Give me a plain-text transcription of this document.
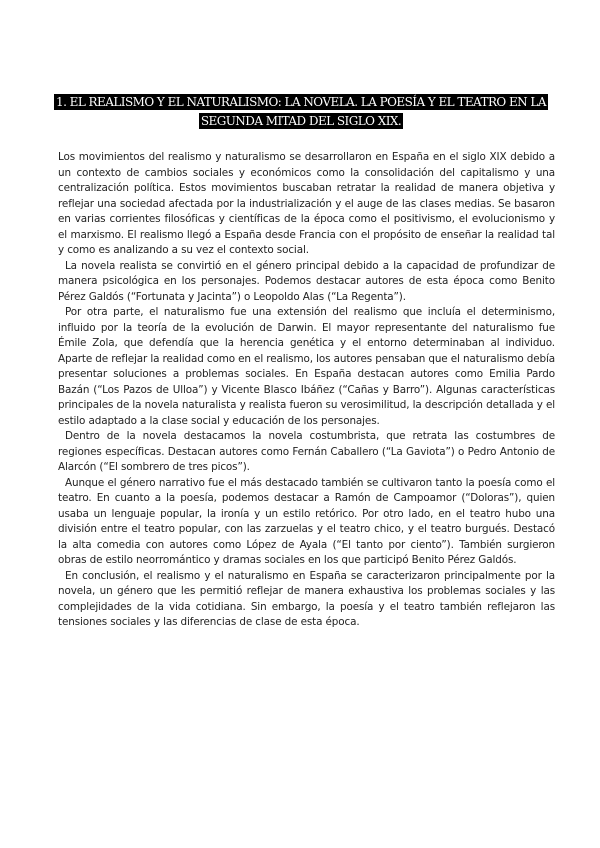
1. EL REALISMO Y EL NATURALISMO: LA NOVELA. LA POESÍA Y EL TEATRO EN LA SEGUNDA MITAD DEL SIGLO XIX.

Los movimientos del realismo y naturalismo se desarrollaron en España en el siglo XIX debido a un contexto de cambios sociales y económicos como la consolidación del capitalismo y una centralización política. Estos movimientos buscaban retratar la realidad de manera objetiva y reflejar una sociedad afectada por la industrialización y el auge de las clases medias. Se basaron en varias corrientes filosóficas y científicas de la época como el positivismo, el evolucionismo y el marxismo. El realismo llegó a España desde Francia con el propósito de enseñar la realidad tal y como es analizando a su vez el contexto social.

La novela realista se convirtió en el género principal debido a la capacidad de profundizar de manera psicológica en los personajes. Podemos destacar autores de esta época como Benito Pérez Galdós (“Fortunata y Jacinta”) o Leopoldo Alas (“La Regenta”).

Por otra parte, el naturalismo fue una extensión del realismo que incluía el determinismo, influido por la teoría de la evolución de Darwin. El mayor representante del naturalismo fue Émile Zola, que defendía que la herencia genética y el entorno determinaban al individuo. Aparte de reflejar la realidad como en el realismo, los autores pensaban que el naturalismo debía presentar soluciones a problemas sociales. En España destacan autores como Emilia Pardo Bazán (“Los Pazos de Ulloa”) y Vicente Blasco Ibáñez (“Cañas y Barro”). Algunas características principales de la novela naturalista y realista fueron su verosimilitud, la descripción detallada y el estilo adaptado a la clase social y educación de los personajes.

Dentro de la novela destacamos la novela costumbrista, que retrata las costumbres de regiones específicas. Destacan autores como Fernán Caballero (“La Gaviota”) o Pedro Antonio de Alarcón (“El sombrero de tres picos”).

Aunque el género narrativo fue el más destacado también se cultivaron tanto la poesía como el teatro. En cuanto a la poesía, podemos destacar a Ramón de Campoamor (“Doloras”), quien usaba un lenguaje popular, la ironía y un estilo retórico. Por otro lado, en el teatro hubo una división entre el teatro popular, con las zarzuelas y el teatro chico, y el teatro burgués. Destacó la alta comedia con autores como López de Ayala (“El tanto por ciento”). También surgieron obras de estilo neorromántico y dramas sociales en los que participó Benito Pérez Galdós.

En conclusión, el realismo y el naturalismo en España se caracterizaron principalmente por la novela, un género que les permitió reflejar de manera exhaustiva los problemas sociales y las complejidades de la vida cotidiana. Sin embargo, la poesía y el teatro también reflejaron las tensiones sociales y las diferencias de clase de esta época.
